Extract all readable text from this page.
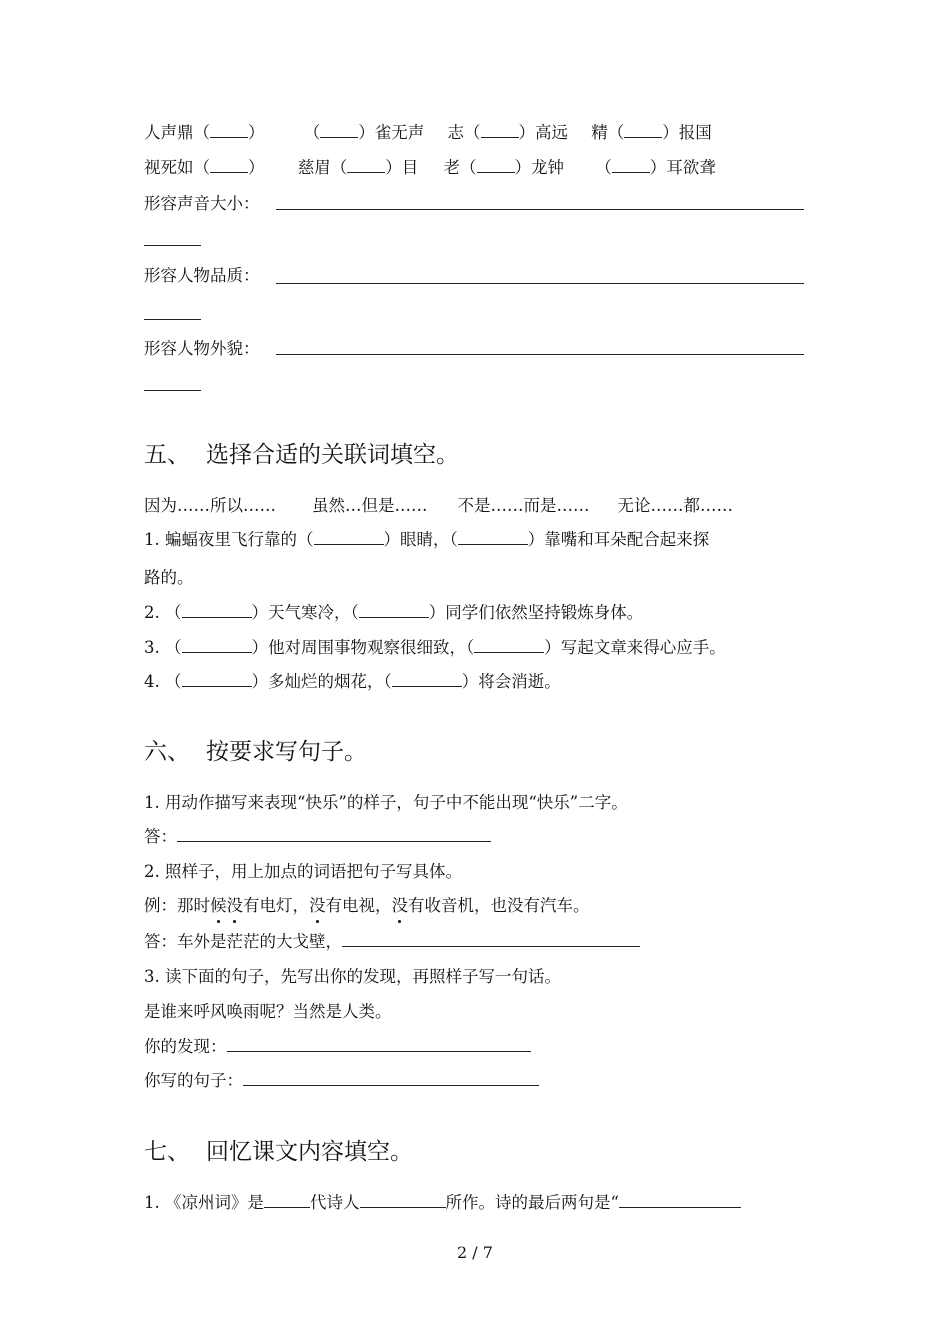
人声鼎（ ） （ ）雀无声 志（ ）高远 精（ ）报国
视死如（ ） 慈眉（ ）目 老（ ）龙钟 （ ）耳欲聋
形容声音大小：
形容人物品质：
形容人物外貌：
五、 选择合适的关联词填空。
因为……所以…… 虽然…但是…… 不是……而是…… 无论……都……
1. 蝙蝠夜里飞行靠的（	）眼睛，（	）靠嘴和耳朵配合起来探
路的。
2. （	）天气寒冷，（	）同学们依然坚持锻炼身体。
3. （	）他对周围事物观察很细致，（	）写起文章来得心应手。
4. （	）多灿烂的烟花，（	）将会消逝。
六、 按要求写句子。
1. 用动作描写来表现“快乐”的样子，句子中不能出现“快乐”二字。
答：
2. 照样子，用上加点的词语把句子写具体。
例：那时候没有电灯，没有电视，没有收音机，也没有汽车。
答：车外是茫茫的大戈壁，
3. 读下面的句子，先写出你的发现，再照样子写一句话。
是谁来呼风唤雨呢？当然是人类。
你的发现：
你写的句子：
七、 回忆课文内容填空。
1. 《凉州词》是	代诗人	所作。诗的最后两句是“
2 / 7
